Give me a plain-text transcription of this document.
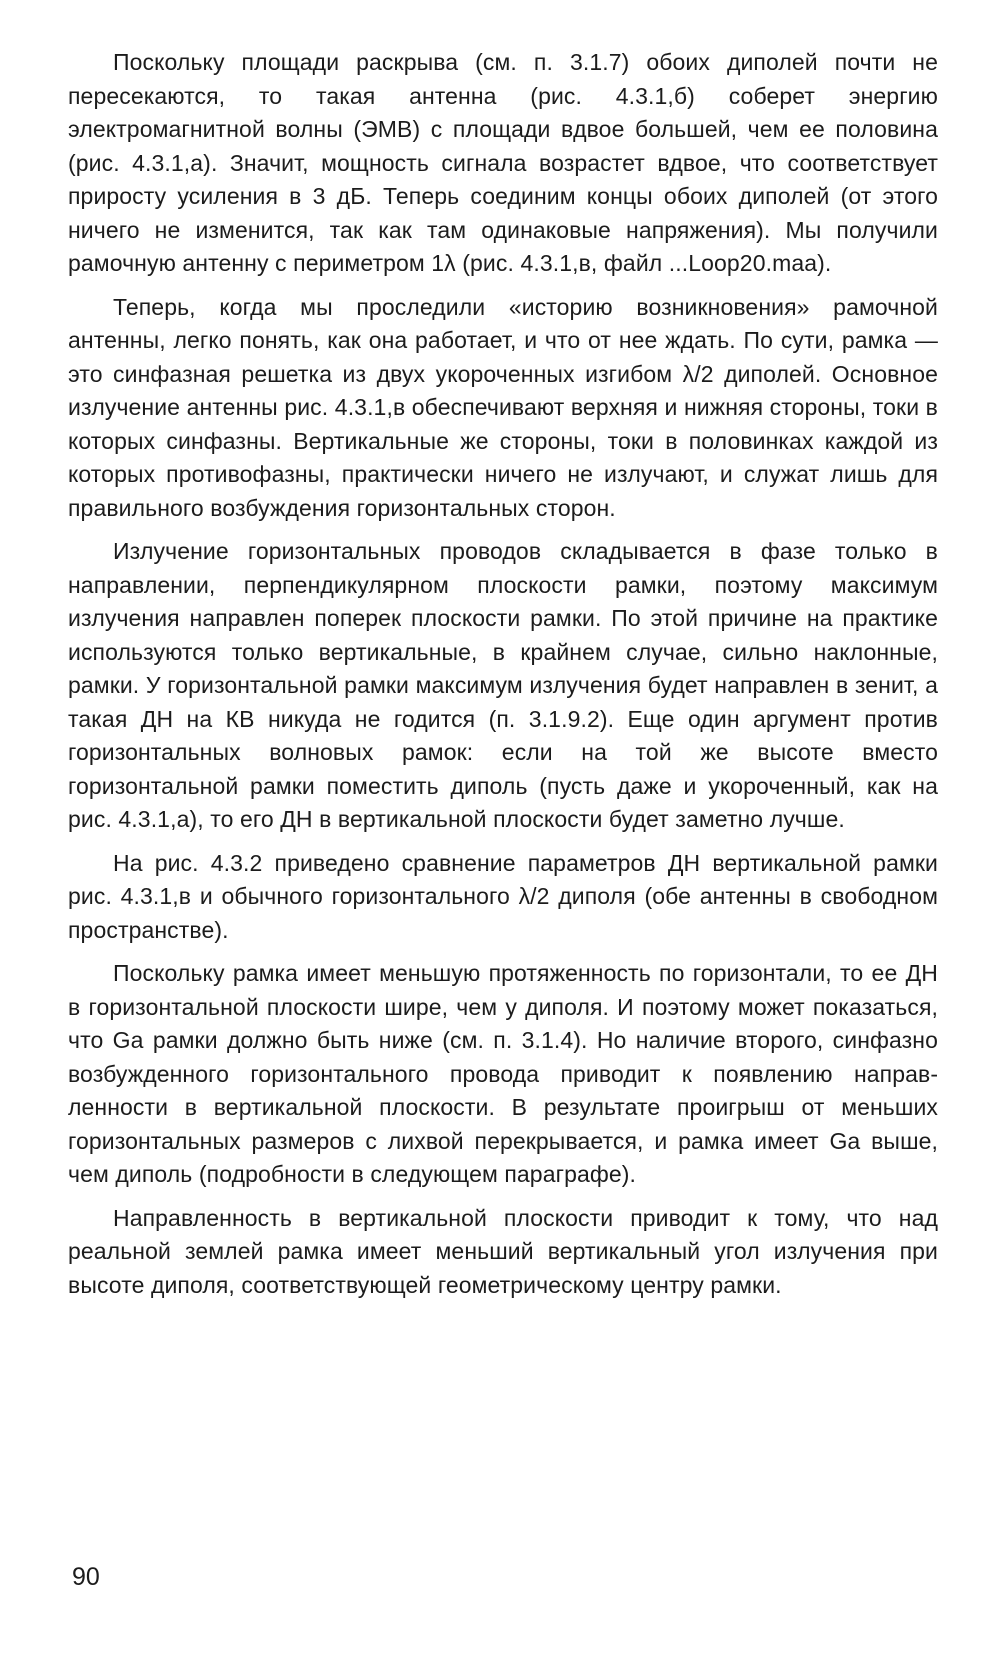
Поскольку площади раскрыва (см. п. 3.1.7) обоих диполей почти не пересекаются, то такая антенна (рис. 4.3.1,б) соберет энергию электромагнитной волны (ЭМВ) с площади вдвое большей, чем ее половина (рис. 4.3.1,а). Значит, мощность сигнала возрастет вдвое, что соответствует приросту усиления в 3 дБ. Теперь соединим концы обоих диполей (от этого ничего не изменится, так как там одинаковые напряжения). Мы получили рамочную антенну с периметром 1λ (рис. 4.3.1,в, файл ...Loop20.maa).

Теперь, когда мы проследили «историю возникновения» рамочной антенны, легко понять, как она работает, и что от нее ждать. По сути, рамка — это синфазная решетка из двух укороченных изгибом λ/2 диполей. Основное излучение антенны рис. 4.3.1,в обеспечивают верхняя и нижняя стороны, токи в которых синфазны. Вертикальные же стороны, токи в половинках каждой из которых противофазны, практически ничего не излучают, и служат лишь для правильного возбуждения горизонтальных сторон.

Излучение горизонтальных проводов складывается в фазе только в направлении, перпендикулярном плоскости рамки, поэтому максимум излучения направлен поперек плоскости рамки. По этой причине на практике используются только вертикальные, в крайнем случае, сильно наклонные, рамки. У горизонтальной рамки максимум излучения будет направлен в зенит, а такая ДН на КВ никуда не годится (п. 3.1.9.2). Еще один аргумент против горизонтальных волновых рамок: если на той же высоте вместо горизонтальной рамки поместить диполь (пусть даже и укороченный, как на рис. 4.3.1,а), то его ДН в вертикальной плоскости будет заметно лучше.

На рис. 4.3.2 приведено сравнение параметров ДН вертикальной рамки рис. 4.3.1,в и обычного горизонтального λ/2 диполя (обе антенны в свободном пространстве).

Поскольку рамка имеет меньшую протяженность по горизонтали, то ее ДН в горизонтальной плоскости шире, чем у диполя. И поэтому может показаться, что Ga рамки должно быть ниже (см. п. 3.1.4). Но наличие второго, синфазно возбужденного горизонтального провода приводит к появлению направленности в вертикальной плоскости. В результате проигрыш от меньших горизонтальных размеров с лихвой перекрывается, и рамка имеет Ga выше, чем диполь (подробности в следующем параграфе).

Направленность в вертикальной плоскости приводит к тому, что над реальной землей рамка имеет меньший вертикальный угол излучения при высоте диполя, соответствующей геометрическому центру рамки.

90
